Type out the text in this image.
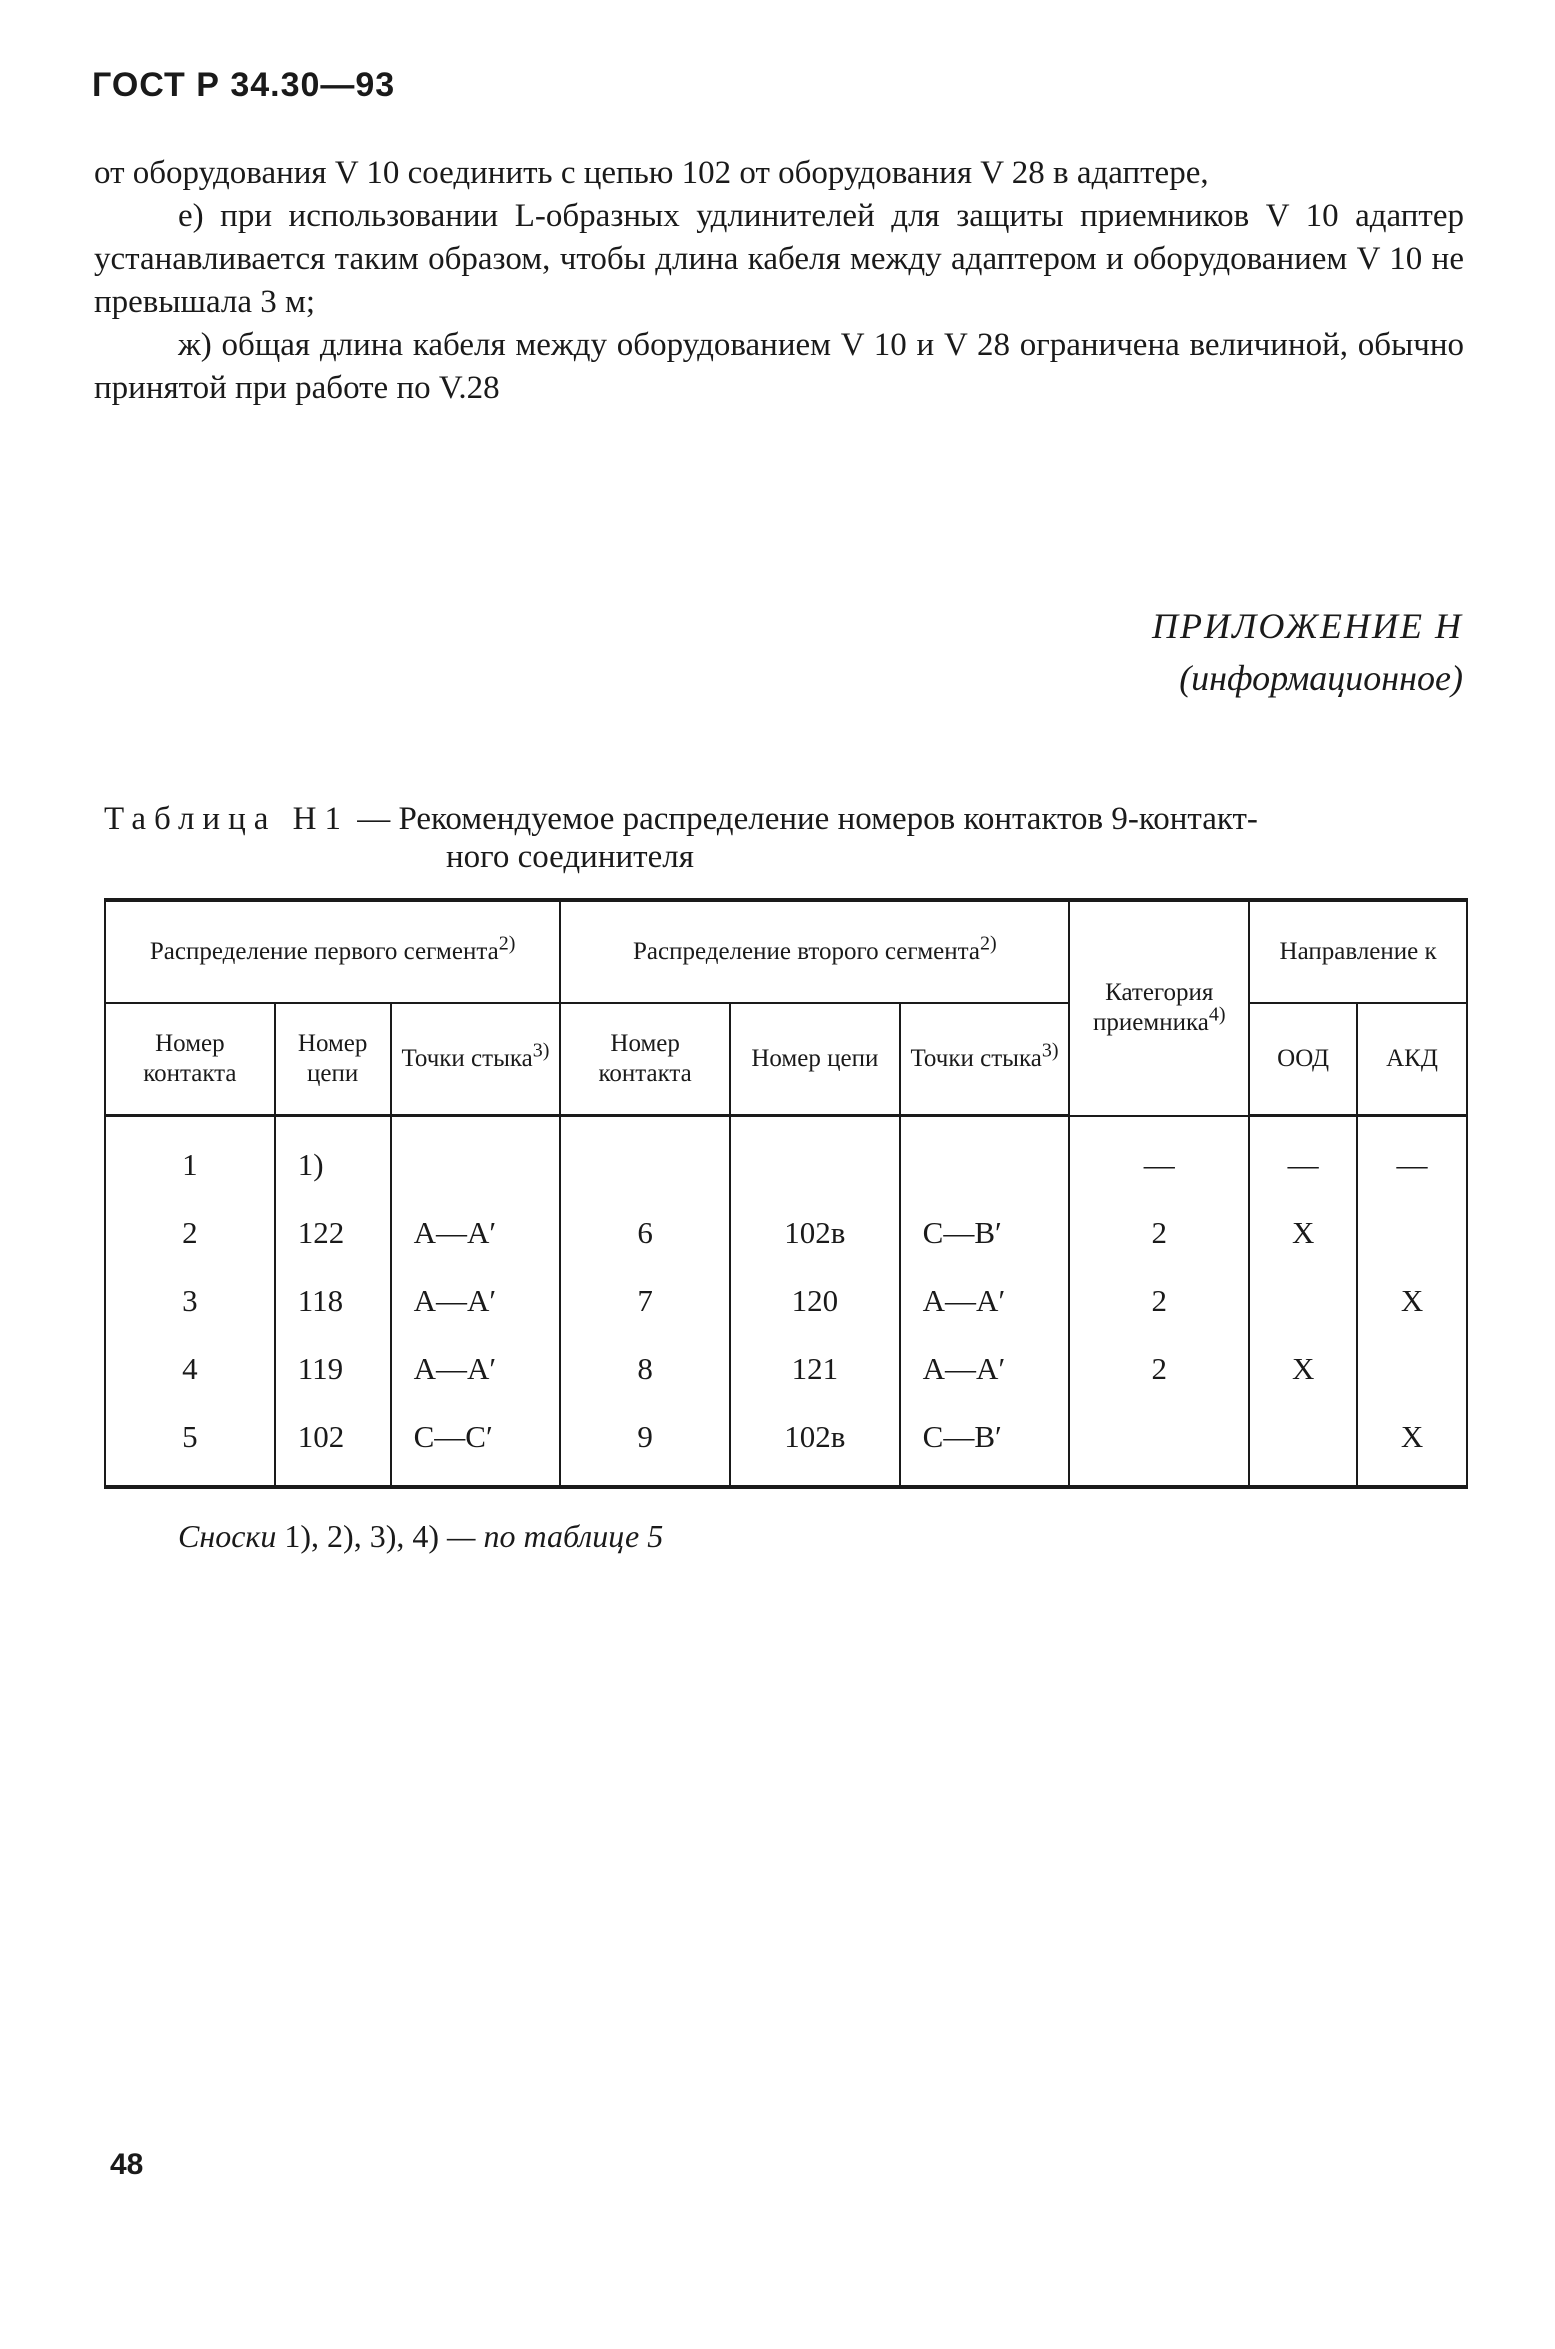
ГОСТ Р 34.30—93

от оборудования V 10 соединить с цепью 102 от оборудования V 28 в адаптере,

е) при использовании L-образных удлинителей для защиты приемников V 10 адаптер устанавливается таким образом, чтобы длина кабеля между адаптером и оборудованием V 10 не превышала 3 м;

ж) общая длина кабеля между оборудованием V 10 и V 28 ограничена величиной, обычно принятой при работе по V.28

ПРИЛОЖЕНИЕ Н
(информационное)
Таблица Н1 — Рекомендуемое распределение номеров контактов 9-контакт-
ного соединителя
Распределение первого сегмента$^{2)}$			Распределение второго сегмента$^{2)}$			Категория приемника$^{4)}$	Направление к	
Номер контакта	Номер цепи	Точки стыка$^{3)}$	Номер контакта	Номер цепи	Точки стыка$^{3)}$		ООД	АКД
1	1)					—	—	—
2	122	А—А′	6	102в	С—В′	2	Х	
3	118	А—А′	7	120	А—А′	2		Х
4	119	А—А′	8	121	А—А′	2	Х	
5	102	С—С′	9	102в	С—В′			Х
Сноски 1), 2), 3), 4) — по таблице 5
48
